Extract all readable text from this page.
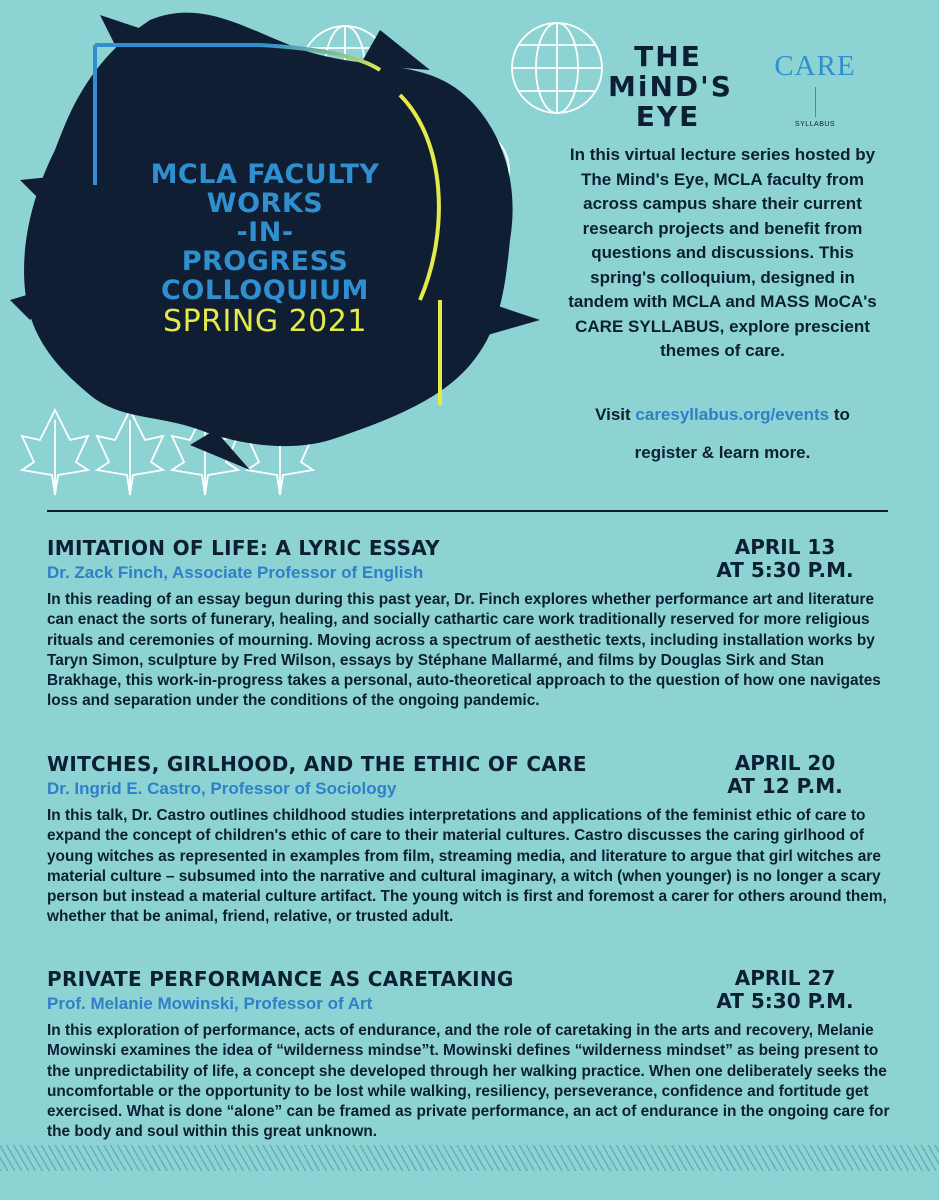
MCLA FACULTY
WORKS
-IN-
PROGRESS
COLLOQUIUM
SPRING 2021
THE
MiND'S
EYE
CARE
SYLLABUS
In this virtual lecture series hosted by The Mind's Eye, MCLA faculty from across campus share their current research projects and benefit from questions and discussions. This spring's colloquium, designed in tandem with MCLA and MASS MoCA's CARE SYLLABUS, explore prescient themes of care.
Visit caresyllabus.org/events to
register & learn more.
IMITATION OF LIFE: A LYRIC ESSAY
Dr. Zack Finch, Associate Professor of English
APRIL 13
AT 5:30 P.M.
In this reading of an essay begun during this past year, Dr. Finch explores whether performance art and literature can enact the sorts of funerary, healing, and socially cathartic care work traditionally reserved for more religious rituals and ceremonies of mourning. Moving across a spectrum of aesthetic texts, including installation works by Taryn Simon, sculpture by Fred Wilson, essays by Stéphane Mallarmé, and films by Douglas Sirk and Stan Brakhage, this work-in-progress takes a personal, auto-theoretical approach to the question of how one navigates loss and separation under the conditions of the ongoing pandemic.
WITCHES, GIRLHOOD, AND THE ETHIC OF CARE
Dr. Ingrid E. Castro, Professor of Sociology
APRIL 20
AT 12 P.M.
In this talk, Dr. Castro outlines childhood studies interpretations and applications of the feminist ethic of care to expand the concept of children's ethic of care to their material cultures. Castro discusses the caring girlhood of young witches as represented in examples from film, streaming media, and literature to argue that girl witches are material culture – subsumed into the narrative and cultural imaginary, a witch (when younger) is no longer a scary person but instead a material culture artifact. The young witch is first and foremost a carer for others around them, whether that be animal, friend, relative, or trusted adult.
PRIVATE PERFORMANCE AS CARETAKING
Prof. Melanie Mowinski, Professor of Art
APRIL 27
AT 5:30 P.M.
In this exploration of performance, acts of endurance, and the role of caretaking in the arts and recovery, Melanie Mowinski examines the idea of “wilderness mindse”t. Mowinski defines “wilderness mindset” as being present to the unpredictability of life, a concept she developed through her walking practice. When one deliberately seeks the uncomfortable or the opportunity to be lost while walking, resiliency, perseverance, confidence and fortitude get exercised. What is done “alone” can be framed as private performance, an act of endurance in the ongoing care for the body and soul within this great unknown.
